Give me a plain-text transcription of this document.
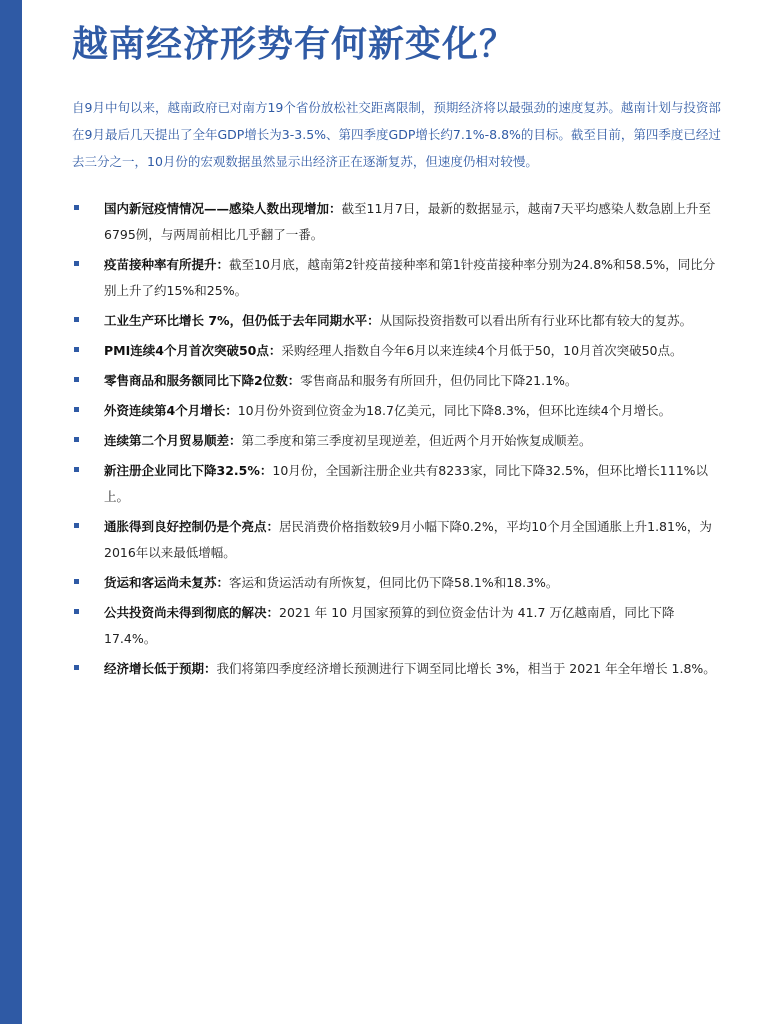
越南经济形势有何新变化？

自9月中旬以来，越南政府已对南方19个省份放松社交距离限制，预期经济将以最强劲的速度复苏。越南计划与投资部在9月最后几天提出了全年GDP增长为3-3.5%、第四季度GDP增长约7.1%-8.8%的目标。截至目前，第四季度已经过去三分之一，10月份的宏观数据虽然显示出经济正在逐渐复苏，但速度仍相对较慢。

国内新冠疫情情况——感染人数出现增加：截至11月7日，最新的数据显示，越南7天平均感染人数急剧上升至6795例，与两周前相比几乎翻了一番。
疫苗接种率有所提升：截至10月底，越南第2针疫苗接种率和第1针疫苗接种率分别为24.8%和58.5%，同比分别上升了约15%和25%。
工业生产环比增长 7%，但仍低于去年同期水平：从国际投资指数可以看出所有行业环比都有较大的复苏。
PMI连续4个月首次突破50点：采购经理人指数自今年6月以来连续4个月低于50，10月首次突破50点。
零售商品和服务额同比下降2位数：零售商品和服务有所回升，但仍同比下降21.1%。
外资连续第4个月增长：10月份外资到位资金为18.7亿美元，同比下降8.3%，但环比连续4个月增长。
连续第二个月贸易顺差：第二季度和第三季度初呈现逆差，但近两个月开始恢复成顺差。
新注册企业同比下降32.5%：10月份，全国新注册企业共有8233家，同比下降32.5%，但环比增长111%以上。
通胀得到良好控制仍是个亮点：居民消费价格指数较9月小幅下降0.2%，平均10个月全国通胀上升1.81%，为2016年以来最低增幅。
货运和客运尚未复苏：客运和货运活动有所恢复，但同比仍下降58.1%和18.3%。
公共投资尚未得到彻底的解决：2021 年 10 月国家预算的到位资金估计为 41.7 万亿越南盾，同比下降 17.4%。
经济增长低于预期：我们将第四季度经济增长预测进行下调至同比增长 3%，相当于 2021 年全年增长 1.8%。
